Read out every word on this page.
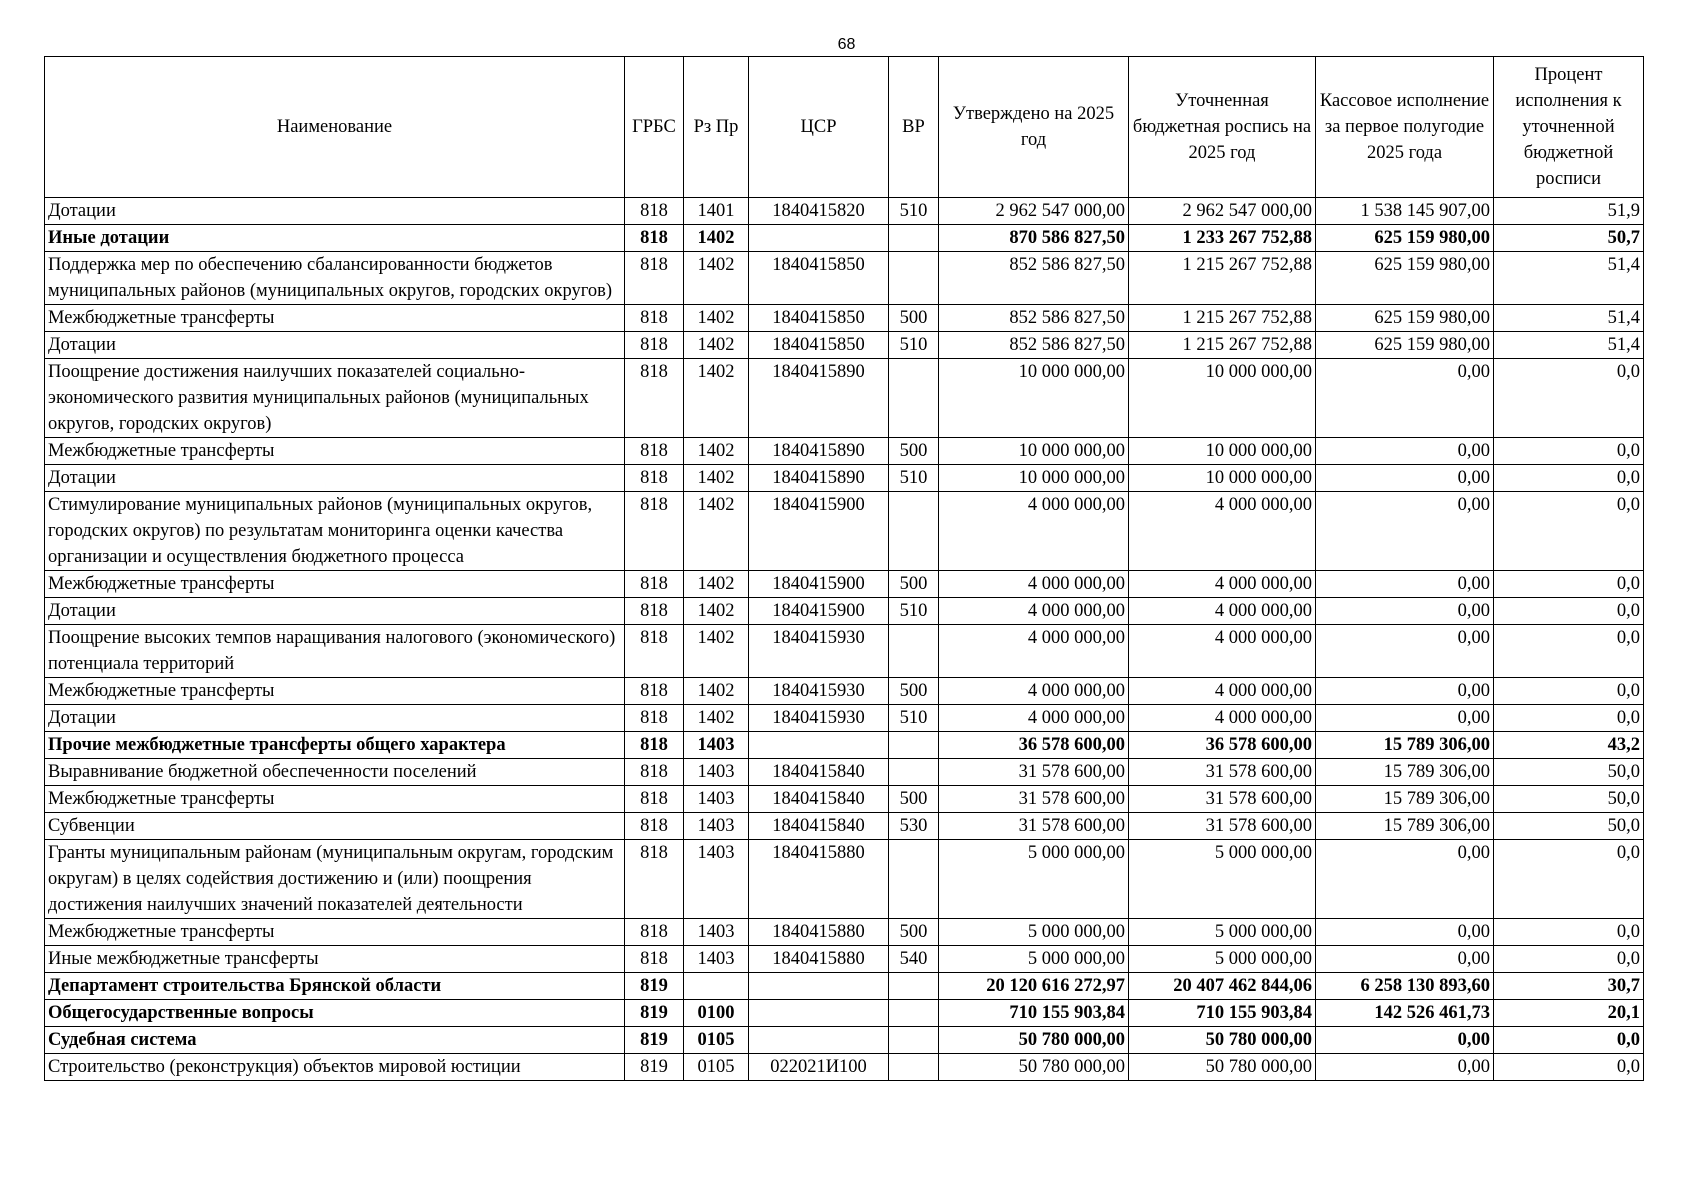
68
Наименование	ГРБС	Рз Пр	ЦСР	ВР	Утверждено на 2025 год	Уточненная бюджетная роспись на 2025 год	Кассовое исполнение за первое полугодие 2025 года	Процент исполнения к уточненной бюджетной росписи
Дотации	818	1401	1840415820	510	2 962 547 000,00	2 962 547 000,00	1 538 145 907,00	51,9
Иные дотации	818	1402			870 586 827,50	1 233 267 752,88	625 159 980,00	50,7
Поддержка мер по обеспечению сбалансированности бюджетов муниципальных районов (муниципальных округов, городских округов)	818	1402	1840415850		852 586 827,50	1 215 267 752,88	625 159 980,00	51,4
Межбюджетные трансферты	818	1402	1840415850	500	852 586 827,50	1 215 267 752,88	625 159 980,00	51,4
Дотации	818	1402	1840415850	510	852 586 827,50	1 215 267 752,88	625 159 980,00	51,4
Поощрение достижения наилучших показателей социально-экономического развития муниципальных районов (муниципальных округов, городских округов)	818	1402	1840415890		10 000 000,00	10 000 000,00	0,00	0,0
Межбюджетные трансферты	818	1402	1840415890	500	10 000 000,00	10 000 000,00	0,00	0,0
Дотации	818	1402	1840415890	510	10 000 000,00	10 000 000,00	0,00	0,0
Стимулирование муниципальных районов (муниципальных округов, городских округов) по результатам мониторинга оценки качества организации и осуществления бюджетного процесса	818	1402	1840415900		4 000 000,00	4 000 000,00	0,00	0,0
Межбюджетные трансферты	818	1402	1840415900	500	4 000 000,00	4 000 000,00	0,00	0,0
Дотации	818	1402	1840415900	510	4 000 000,00	4 000 000,00	0,00	0,0
Поощрение высоких темпов наращивания налогового (экономического) потенциала территорий	818	1402	1840415930		4 000 000,00	4 000 000,00	0,00	0,0
Межбюджетные трансферты	818	1402	1840415930	500	4 000 000,00	4 000 000,00	0,00	0,0
Дотации	818	1402	1840415930	510	4 000 000,00	4 000 000,00	0,00	0,0
Прочие межбюджетные трансферты общего характера	818	1403			36 578 600,00	36 578 600,00	15 789 306,00	43,2
Выравнивание бюджетной обеспеченности поселений	818	1403	1840415840		31 578 600,00	31 578 600,00	15 789 306,00	50,0
Межбюджетные трансферты	818	1403	1840415840	500	31 578 600,00	31 578 600,00	15 789 306,00	50,0
Субвенции	818	1403	1840415840	530	31 578 600,00	31 578 600,00	15 789 306,00	50,0
Гранты муниципальным районам (муниципальным округам, городским округам) в целях содействия достижению и (или) поощрения достижения наилучших значений показателей деятельности	818	1403	1840415880		5 000 000,00	5 000 000,00	0,00	0,0
Межбюджетные трансферты	818	1403	1840415880	500	5 000 000,00	5 000 000,00	0,00	0,0
Иные межбюджетные трансферты	818	1403	1840415880	540	5 000 000,00	5 000 000,00	0,00	0,0
Департамент строительства Брянской области	819				20 120 616 272,97	20 407 462 844,06	6 258 130 893,60	30,7
Общегосударственные вопросы	819	0100			710 155 903,84	710 155 903,84	142 526 461,73	20,1
Судебная система	819	0105			50 780 000,00	50 780 000,00	0,00	0,0
Строительство (реконструкция) объектов мировой юстиции	819	0105	022021И100		50 780 000,00	50 780 000,00	0,00	0,0
